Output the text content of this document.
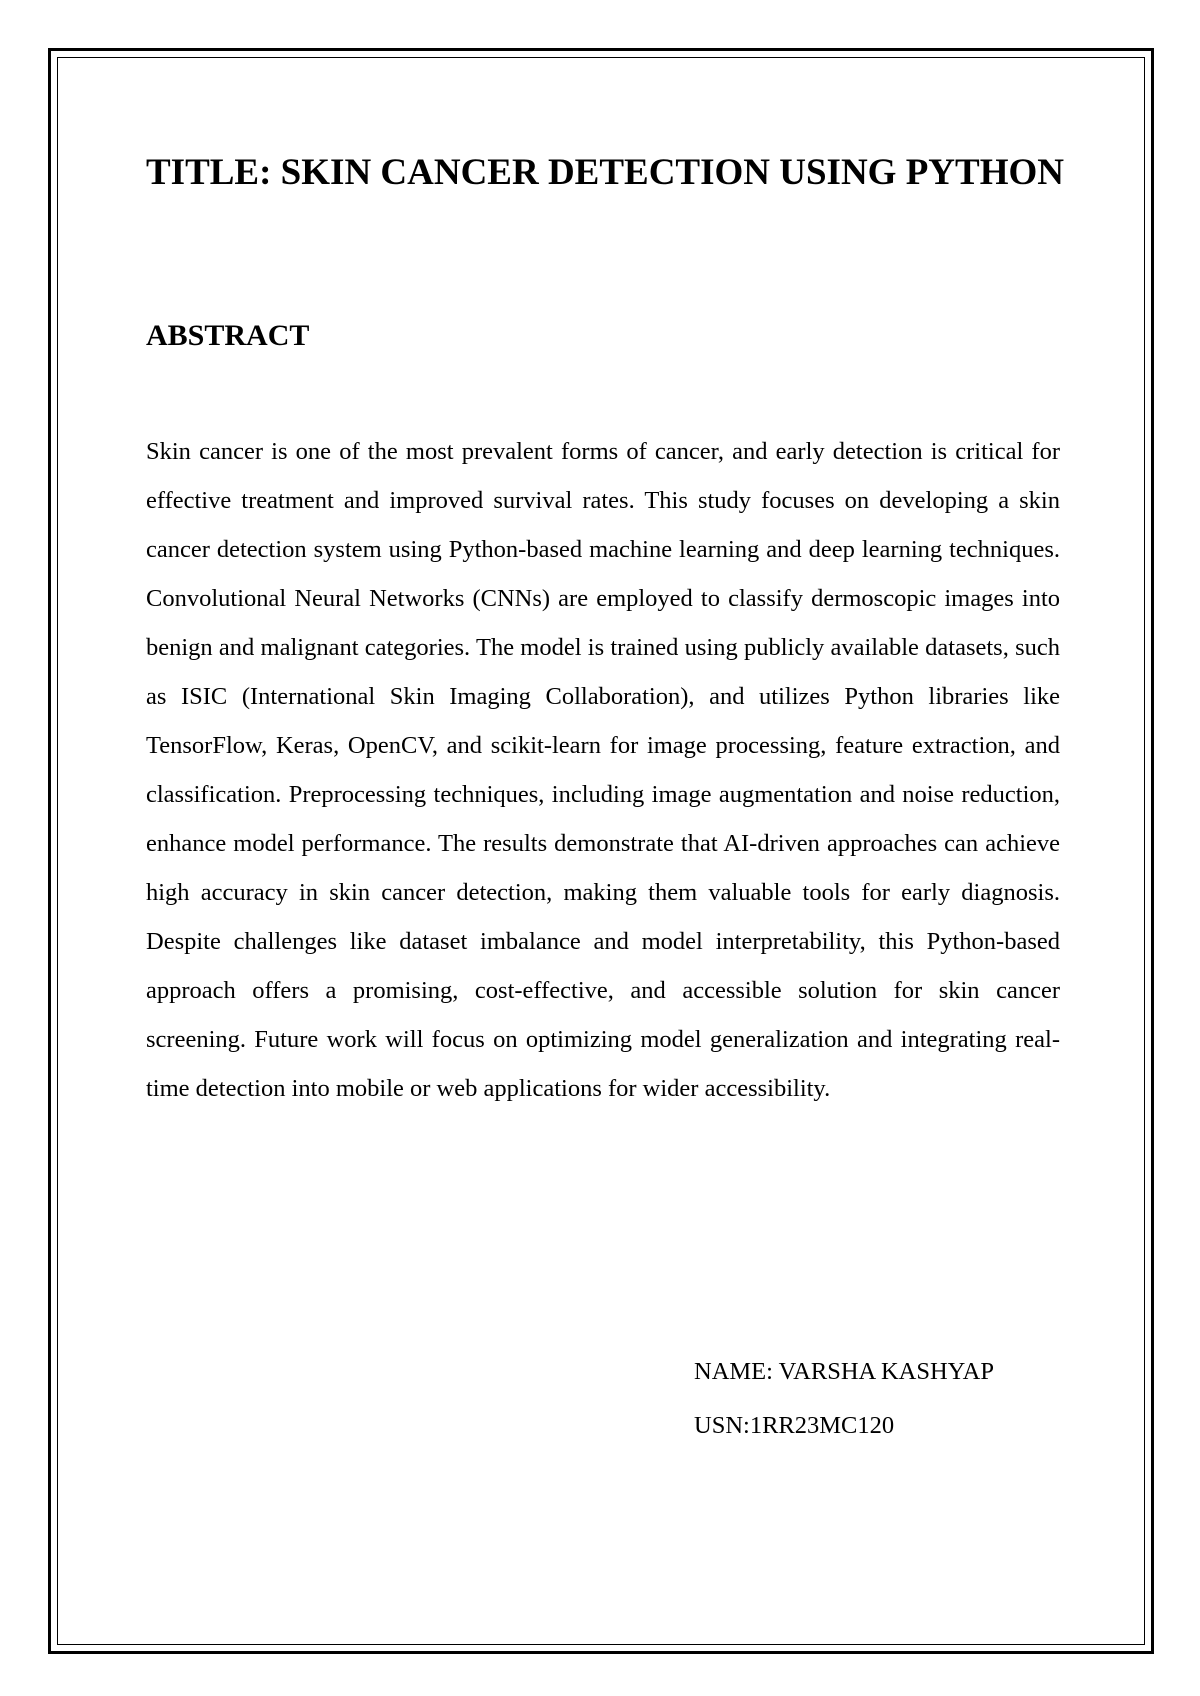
TITLE: SKIN CANCER DETECTION USING PYTHON
ABSTRACT

Skin cancer is one of the most prevalent forms of cancer, and early detection is critical for effective treatment and improved survival rates. This study focuses on developing a skin cancer detection system using Python-based machine learning and deep learning techniques. Convolutional Neural Networks (CNNs) are employed to classify dermoscopic images into benign and malignant categories. The model is trained using publicly available datasets, such as ISIC (International Skin Imaging Collaboration), and utilizes Python libraries like TensorFlow, Keras, OpenCV, and scikit-learn for image processing, feature extraction, and classification. Preprocessing techniques, including image augmentation and noise reduction, enhance model performance. The results demonstrate that AI-driven approaches can achieve high accuracy in skin cancer detection, making them valuable tools for early diagnosis. Despite challenges like dataset imbalance and model interpretability, this Python-based approach offers a promising, cost-effective, and accessible solution for skin cancer screening. Future work will focus on optimizing model generalization and integrating real-time detection into mobile or web applications for wider accessibility.

NAME: VARSHA KASHYAP
USN:1RR23MC120
